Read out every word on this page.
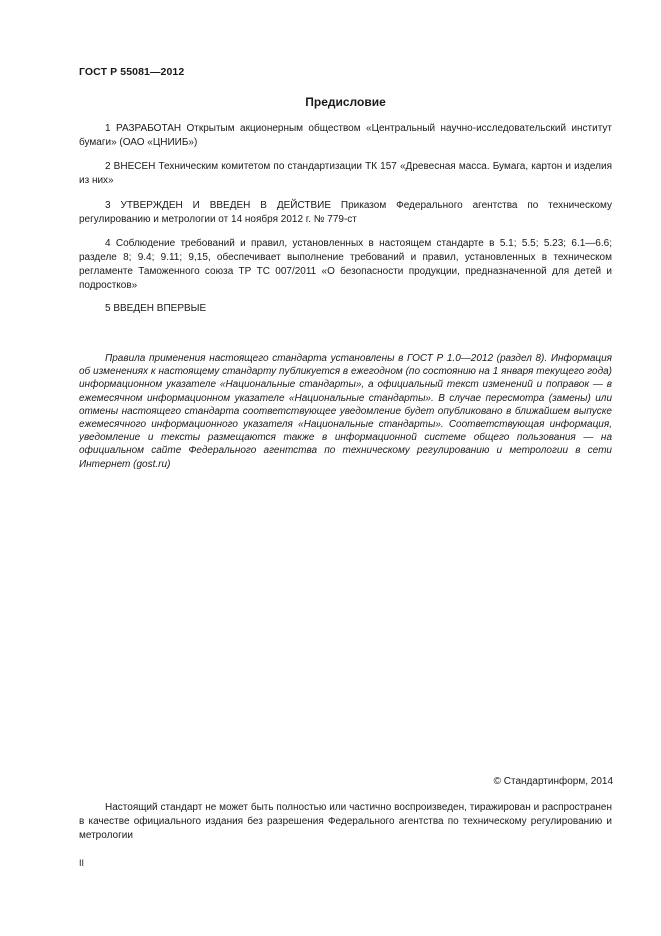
ГОСТ Р 55081—2012
Предисловие

1 РАЗРАБОТАН Открытым акционерным обществом «Центральный научно-исследовательский институт бумаги» (ОАО «ЦНИИБ»)

2 ВНЕСЕН Техническим комитетом по стандартизации ТК 157 «Древесная масса. Бумага, картон и изделия из них»

3 УТВЕРЖДЕН И ВВЕДЕН В ДЕЙСТВИЕ Приказом Федерального агентства по техническому регулированию и метрологии от 14 ноября 2012 г. № 779-ст

4 Соблюдение требований и правил, установленных в настоящем стандарте в 5.1; 5.5; 5.23; 6.1—6.6; разделе 8; 9.4; 9.11; 9,15, обеспечивает выполнение требований и правил, установленных в техническом регламенте Таможенного союза ТР ТС 007/2011 «О безопасности продукции, предназначенной для детей и подростков»

5 ВВЕДЕН ВПЕРВЫЕ

Правила применения настоящего стандарта установлены в ГОСТ Р 1.0—2012 (раздел 8). Информация об изменениях к настоящему стандарту публикуется в ежегодном (по состоянию на 1 января текущего года) информационном указателе «Национальные стандарты», а официальный текст изменений и поправок — в ежемесячном информационном указателе «Национальные стандарты». В случае пересмотра (замены) или отмены настоящего стандарта соответствующее уведомление будет опубликовано в ближайшем выпуске ежемесячного информационного указателя «Национальные стандарты». Соответствующая информация, уведомление и тексты размещаются также в информационной системе общего пользования — на официальном сайте Федерального агентства по техническому регулированию и метрологии в сети Интернет (gost.ru)

© Стандартинформ, 2014

Настоящий стандарт не может быть полностью или частично воспроизведен, тиражирован и распространен в качестве официального издания без разрешения Федерального агентства по техническому регулированию и метрологии

II
